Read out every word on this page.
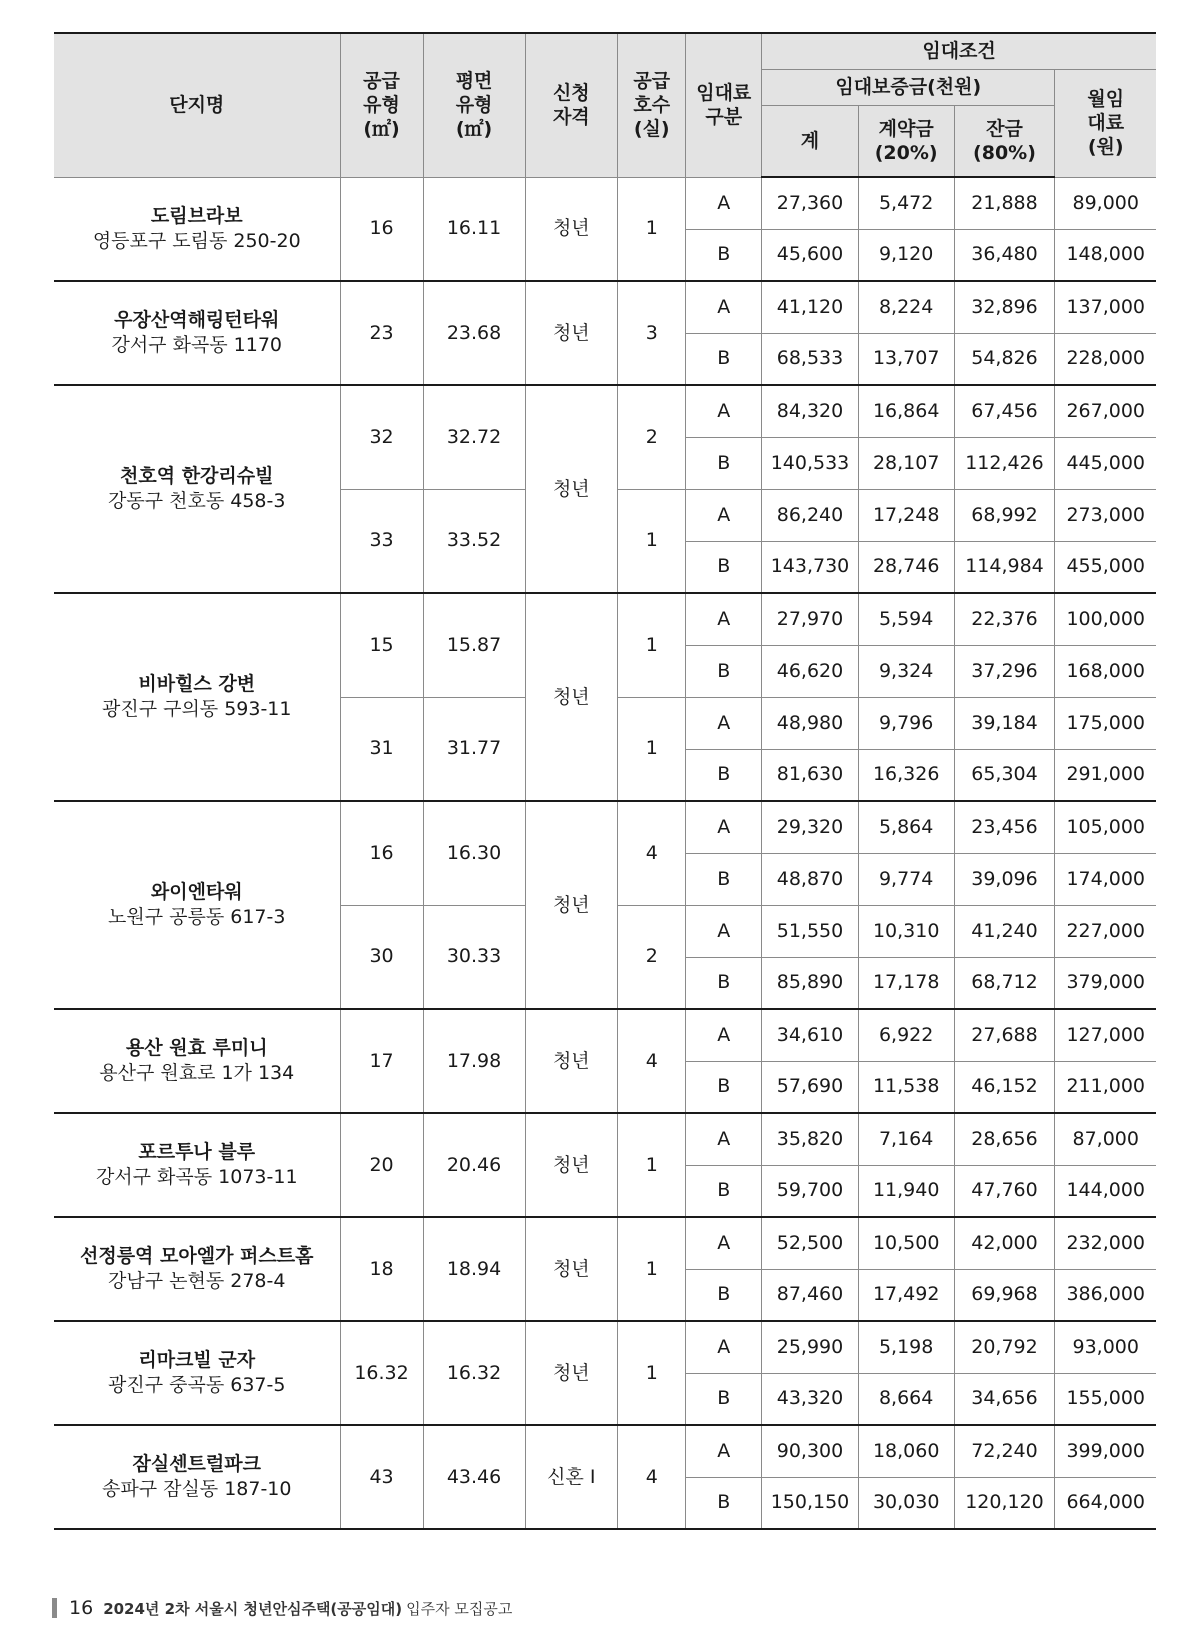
단지명	공급
유형
(㎡)	평면
유형
(㎡)	신청
자격	공급
호수
(실)	임대료
구분	임대조건			
						임대보증금(천원)			월임
대료
(원)
						계	계약금
(20%)	잔금
(80%)	

도림브라보
영등포구 도림동 250-20	16	16.11	청년	1	A	27,360	5,472	21,888	89,000
					B	45,600	9,120	36,480	148,000

우장산역해링턴타워
강서구 화곡동 1170	23	23.68	청년	3	A	41,120	8,224	32,896	137,000
					B	68,533	13,707	54,826	228,000

천호역 한강리슈빌
강동구 천호동 458-3	32	32.72	청년	2	A	84,320	16,864	67,456	267,000
					B	140,533	28,107	112,426	445,000
	33	33.52		1	A	86,240	17,248	68,992	273,000
					B	143,730	28,746	114,984	455,000

비바힐스 강변
광진구 구의동 593-11	15	15.87	청년	1	A	27,970	5,594	22,376	100,000
					B	46,620	9,324	37,296	168,000
	31	31.77		1	A	48,980	9,796	39,184	175,000
					B	81,630	16,326	65,304	291,000

와이엔타워
노원구 공릉동 617-3	16	16.30	청년	4	A	29,320	5,864	23,456	105,000
					B	48,870	9,774	39,096	174,000
	30	30.33		2	A	51,550	10,310	41,240	227,000
					B	85,890	17,178	68,712	379,000

용산 원효 루미니
용산구 원효로 1가 134	17	17.98	청년	4	A	34,610	6,922	27,688	127,000
					B	57,690	11,538	46,152	211,000

포르투나 블루
강서구 화곡동 1073-11	20	20.46	청년	1	A	35,820	7,164	28,656	87,000
					B	59,700	11,940	47,760	144,000

선정릉역 모아엘가 퍼스트홈
강남구 논현동 278-4	18	18.94	청년	1	A	52,500	10,500	42,000	232,000
					B	87,460	17,492	69,968	386,000

리마크빌 군자
광진구 중곡동 637-5	16.32	16.32	청년	1	A	25,990	5,198	20,792	93,000
					B	43,320	8,664	34,656	155,000

잠실센트럴파크
송파구 잠실동 187-10	43	43.46	신혼 I	4	A	90,300	18,060	72,240	399,000
					B	150,150	30,030	120,120	664,000
16 2024년 2차 서울시 청년안심주택(공공임대) 입주자 모집공고
